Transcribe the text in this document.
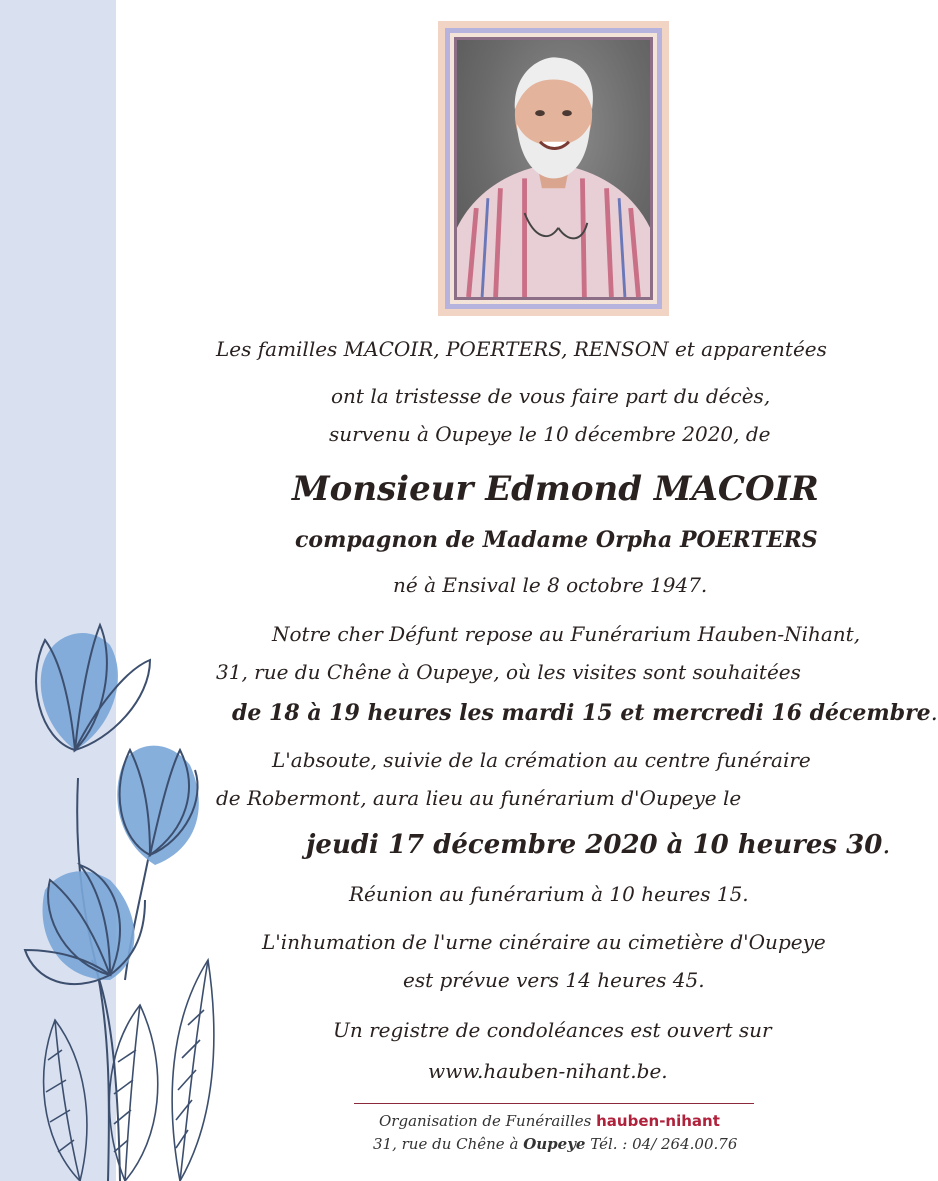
Les familles MACOIR, POERTERS, RENSON et apparentées

ont la tristesse de vous faire part du décès,

survenu à Oupeye le 10 décembre 2020, de

Monsieur Edmond MACOIR

compagnon de Madame Orpha POERTERS

né à Ensival le 8 octobre 1947.

Notre cher Défunt repose au Funérarium Hauben-Nihant,

31, rue du Chêne à Oupeye, où les visites sont souhaitées

de 18 à 19 heures les mardi 15 et mercredi 16 décembre.

L'absoute, suivie de la crémation au centre funéraire

de Robermont, aura lieu au funérarium d'Oupeye le

jeudi 17 décembre 2020 à 10 heures 30.

Réunion au funérarium à 10 heures 15.

L'inhumation de l'urne cinéraire au cimetière d'Oupeye

est prévue vers 14 heures 45.

Un registre de condoléances est ouvert sur

www.hauben-nihant.be.

Organisation de Funérailles hauben-nihant
31, rue du Chêne à Oupeye Tél. : 04/ 264.00.76
